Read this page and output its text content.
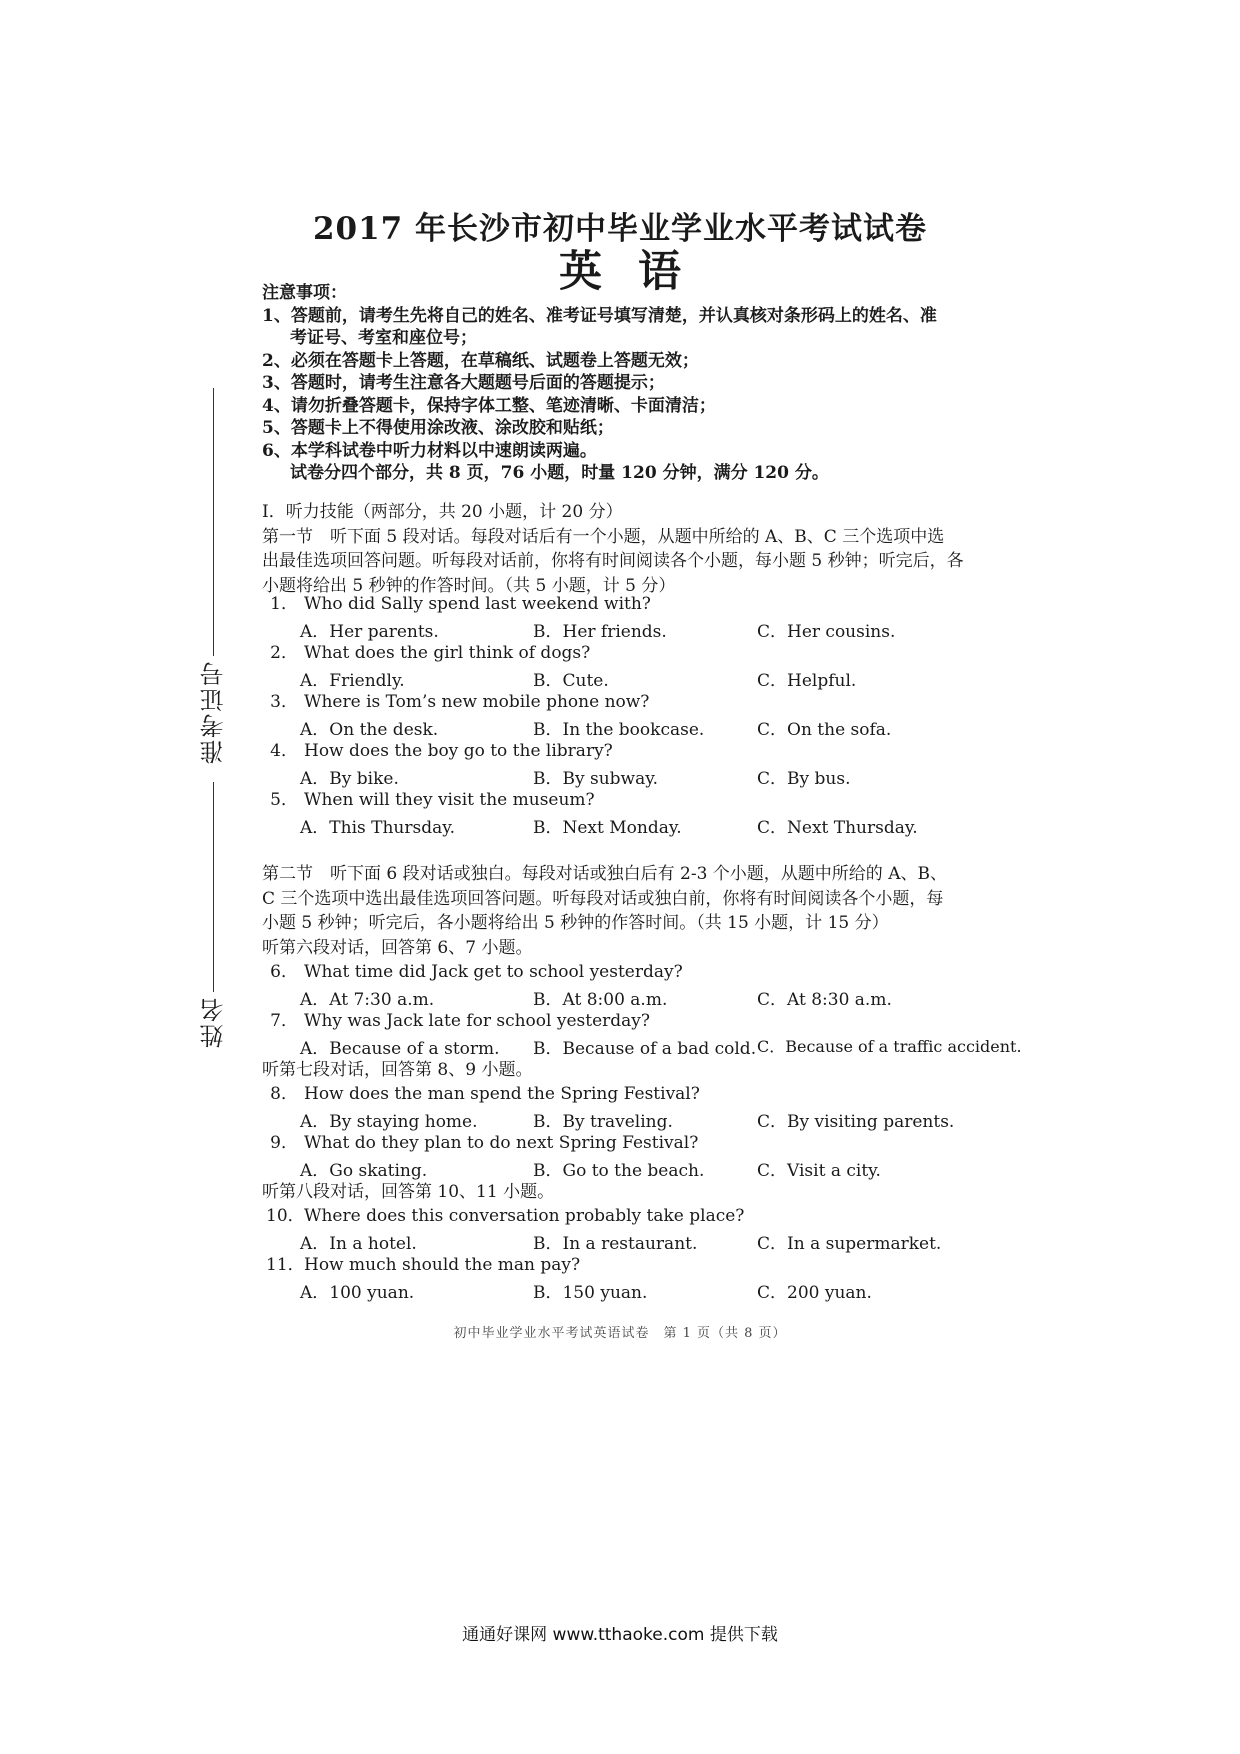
准考证号
姓名
2017 年长沙市初中毕业学业水平考试试卷
英语
注意事项：
1、答题前，请考生先将自己的姓名、准考证号填写清楚，并认真核对条形码上的姓名、准
考证号、考室和座位号；
2、必须在答题卡上答题，在草稿纸、试题卷上答题无效；
3、答题时，请考生注意各大题题号后面的答题提示；
4、请勿折叠答题卡，保持字体工整、笔迹清晰、卡面清洁；
5、答题卡上不得使用涂改液、涂改胶和贴纸；
6、本学科试卷中听力材料以中速朗读两遍。
试卷分四个部分，共 8 页，76 小题，时量 120 分钟，满分 120 分。
I．听力技能（两部分，共 20 小题，计 20 分）
第一节　听下面 5 段对话。每段对话后有一个小题，从题中所给的 A、B、C 三个选项中选
出最佳选项回答问题。听每段对话前，你将有时间阅读各个小题，每小题 5 秒钟；听完后，各
小题将给出 5 秒钟的作答时间。（共 5 小题，计 5 分）
1． Who did Sally spend last weekend with?
A．Her parents.	B．Her friends.	C．Her cousins.
2． What does the girl think of dogs?
A．Friendly.	B．Cute.	C．Helpful.
3． Where is Tom’s new mobile phone now?
A．On the desk.	B．In the bookcase.	C．On the sofa.
4． How does the boy go to the library?
A．By bike.	B．By subway.	C．By bus.
5． When will they visit the museum?
A．This Thursday.	B．Next Monday.	C．Next Thursday.
第二节　听下面 6 段对话或独白。每段对话或独白后有 2-3 个小题，从题中所给的 A、B、
C 三个选项中选出最佳选项回答问题。听每段对话或独白前，你将有时间阅读各个小题，每
小题 5 秒钟；听完后，各小题将给出 5 秒钟的作答时间。（共 15 小题，计 15 分）
听第六段对话，回答第 6、7 小题。
6． What time did Jack get to school yesterday?
A．At 7:30 a.m.	B．At 8:00 a.m.	C．At 8:30 a.m.
7． Why was Jack late for school yesterday?
A．Because of a storm. B．Because of a bad cold. C．Because of a traffic accident.
听第七段对话，回答第 8、9 小题。
8． How does the man spend the Spring Festival?
A．By staying home.	B．By traveling.	C．By visiting parents.
9． What do they plan to do next Spring Festival?
A．Go skating.	B．Go to the beach.	C．Visit a city.
听第八段对话，回答第 10、11 小题。
10．Where does this conversation probably take place?
A．In a hotel.	B．In a restaurant.	C．In a supermarket.
11．How much should the man pay?
A．100 yuan.	B．150 yuan.	C．200 yuan.
初中毕业学业水平考试英语试卷　第 1 页（共 8 页）
通通好课网 www.tthaoke.com 提供下载
